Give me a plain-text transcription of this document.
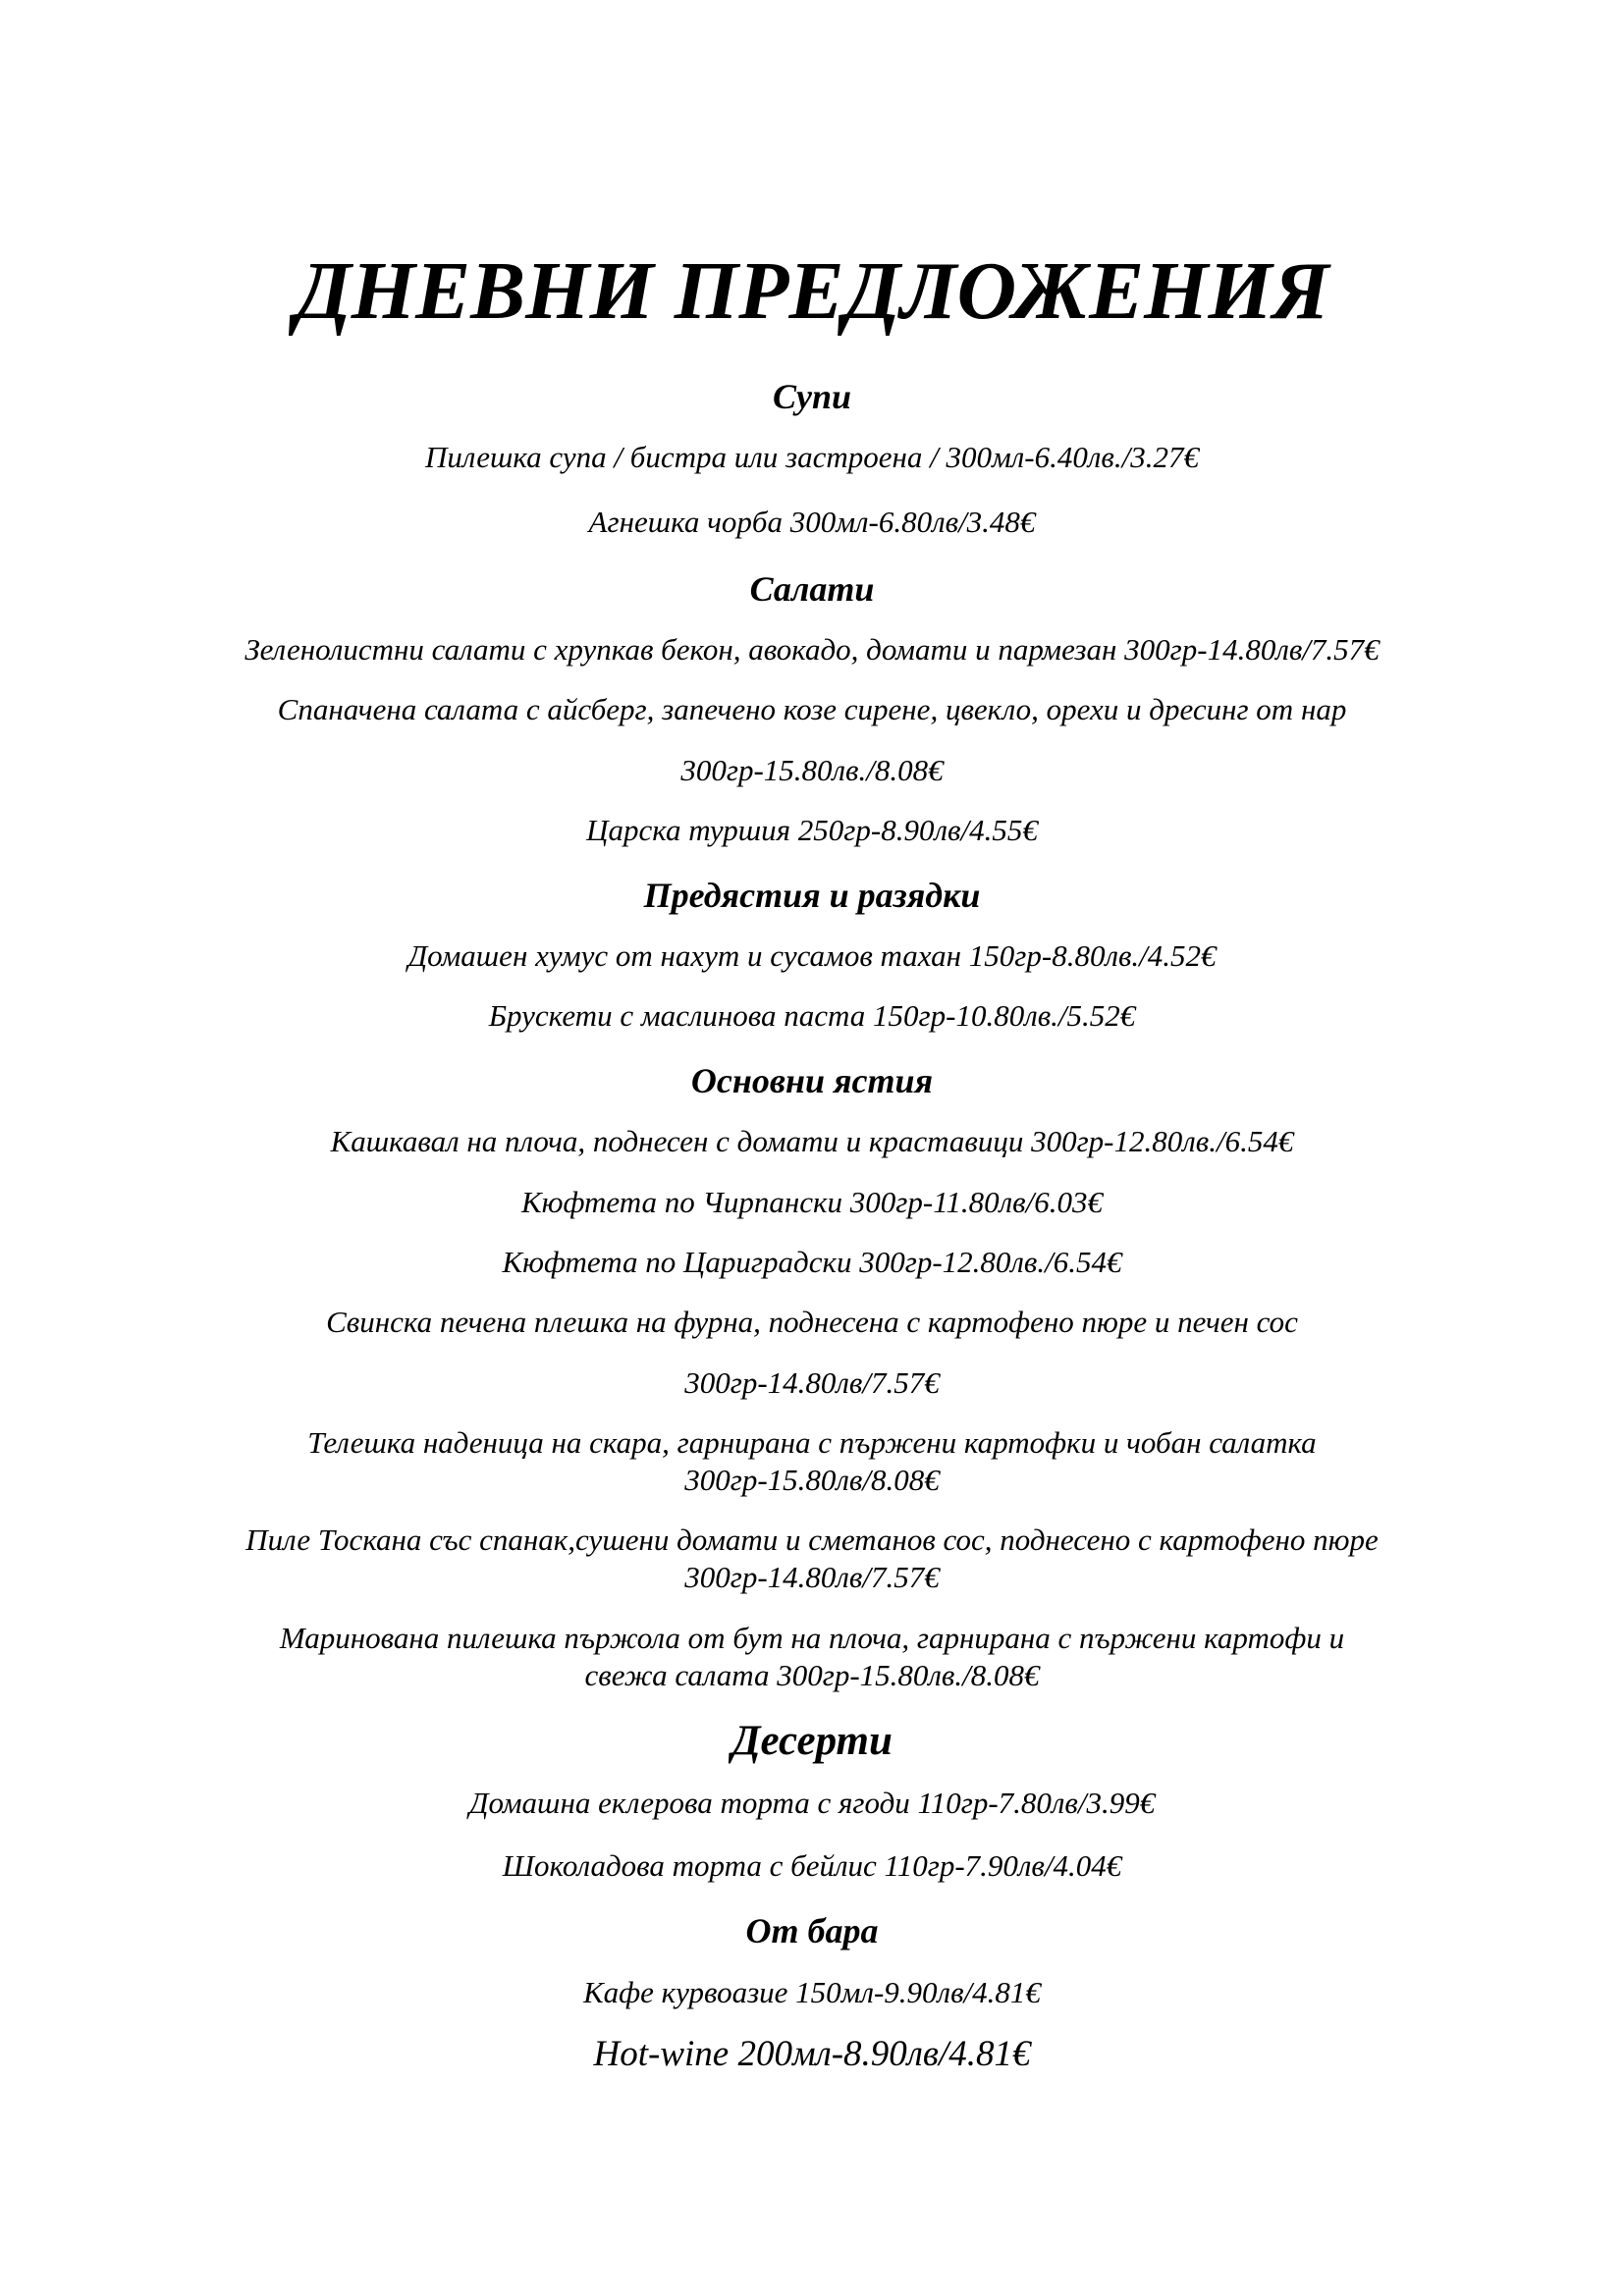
ДНЕВНИ ПРЕДЛОЖЕНИЯ
Супи
Пилешка супа / бистра или застроена / 300мл-6.40лв./3.27€
Агнешка чорба 300мл-6.80лв/3.48€
Салати
Зеленолистни салати с хрупкав бекон, авокадо, домати и пармезан 300гр-14.80лв/7.57€
Спаначена салата с айсберг, запечено козе сирене, цвекло, орехи и дресинг от нар
300гр-15.80лв./8.08€
Царска туршия 250гр-8.90лв/4.55€
Предястия и разядки
Домашен хумус от нахут и сусамов тахан 150гр-8.80лв./4.52€
Брускети с маслинова паста 150гр-10.80лв./5.52€
Основни ястия
Кашкавал на плоча, поднесен с домати и краставици 300гр-12.80лв./6.54€
Кюфтета по Чирпански 300гр-11.80лв/6.03€
Кюфтета по Цариградски 300гр-12.80лв./6.54€
Свинска печена плешка на фурна, поднесена с картофено пюре и печен сос
300гр-14.80лв/7.57€
Телешка наденица на скара, гарнирана с пържени картофки и чобан салатка
300гр-15.80лв/8.08€
Пиле Тоскана със спанак,сушени домати и сметанов сос, поднесено с картофено пюре
300гр-14.80лв/7.57€
Маринована пилешка пържола от бут на плоча, гарнирана с пържени картофи и
свежа салата 300гр-15.80лв./8.08€
Десерти
Домашна еклерова торта с ягоди 110гр-7.80лв/3.99€
Шоколадова торта с бейлис 110гр-7.90лв/4.04€
От бара
Кафе курвоазие 150мл-9.90лв/4.81€
Hot-wine 200мл-8.90лв/4.81€
